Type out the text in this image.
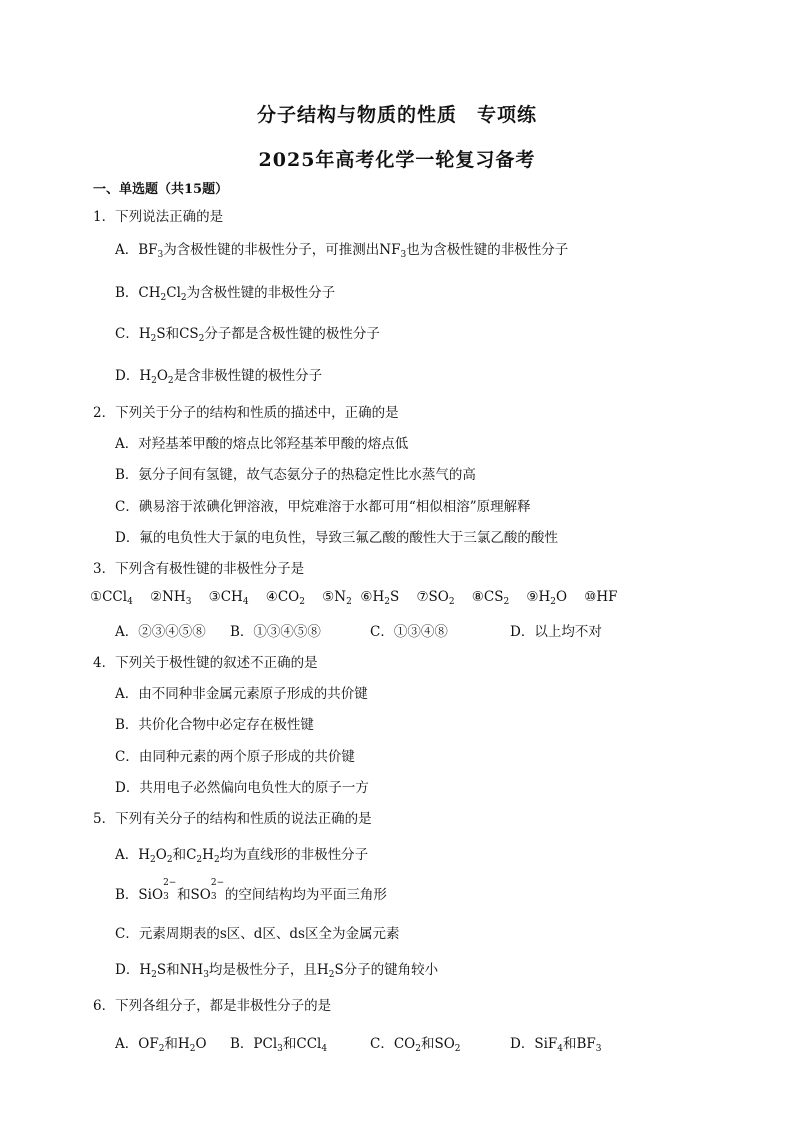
分子结构与物质的性质　专项练
2025年高考化学一轮复习备考
一、单选题（共15题）
1．下列说法正确的是
A．$BF_3$为含极性键的非极性分子，可推测出$NF_3$也为含极性键的非极性分子
B．$CH_2Cl_2$为含极性键的非极性分子
C．$H_2S$和$CS_2$分子都是含极性键的极性分子
D．$H_2O_2$是含非极性键的极性分子
2．下列关于分子的结构和性质的描述中，正确的是
A．对羟基苯甲酸的熔点比邻羟基苯甲酸的熔点低
B．氨分子间有氢键，故气态氨分子的热稳定性比水蒸气的高
C．碘易溶于浓碘化钾溶液，甲烷难溶于水都可用“相似相溶”原理解释
D．氟的电负性大于氯的电负性，导致三氟乙酸的酸性大于三氯乙酸的酸性
3．下列含有极性键的非极性分子是
①CCl$_4$ $②NH_3$ $③CH_4$ $④CO_2$ $⑤N_2$ $⑥H_2S$ $⑦SO_2$ $⑧CS_2$ $⑨H_2O$ ⑩HF
A．②③④⑤⑧ B．①③④⑤⑧	C．①③④⑧	D．以上均不对
4．下列关于极性键的叙述不正确的是
A．由不同种非金属元素原子形成的共价键
B．共价化合物中必定存在极性键
C．由同种元素的两个原子形成的共价键
D．共用电子必然偏向电负性大的原子一方
5．下列有关分子的结构和性质的说法正确的是
A．$H_2O_2$和$C_2H_2$均为直线形的非极性分子
B．SiO
2−
3 和SO
2−
3 的空间结构均为平面三角形
C．元素周期表的s区、d区、ds区全为金属元素
D．$H_2S$和$NH_3$均是极性分子，且$H_2S$分子的键角较小
6．下列各组分子，都是非极性分子的是
A．$OF_2$和$H_2O$ B．PCl$_3$和CCl$_4$	C．$CO_2$和$SO_2$	D．SiF$_4$和$BF_3$
